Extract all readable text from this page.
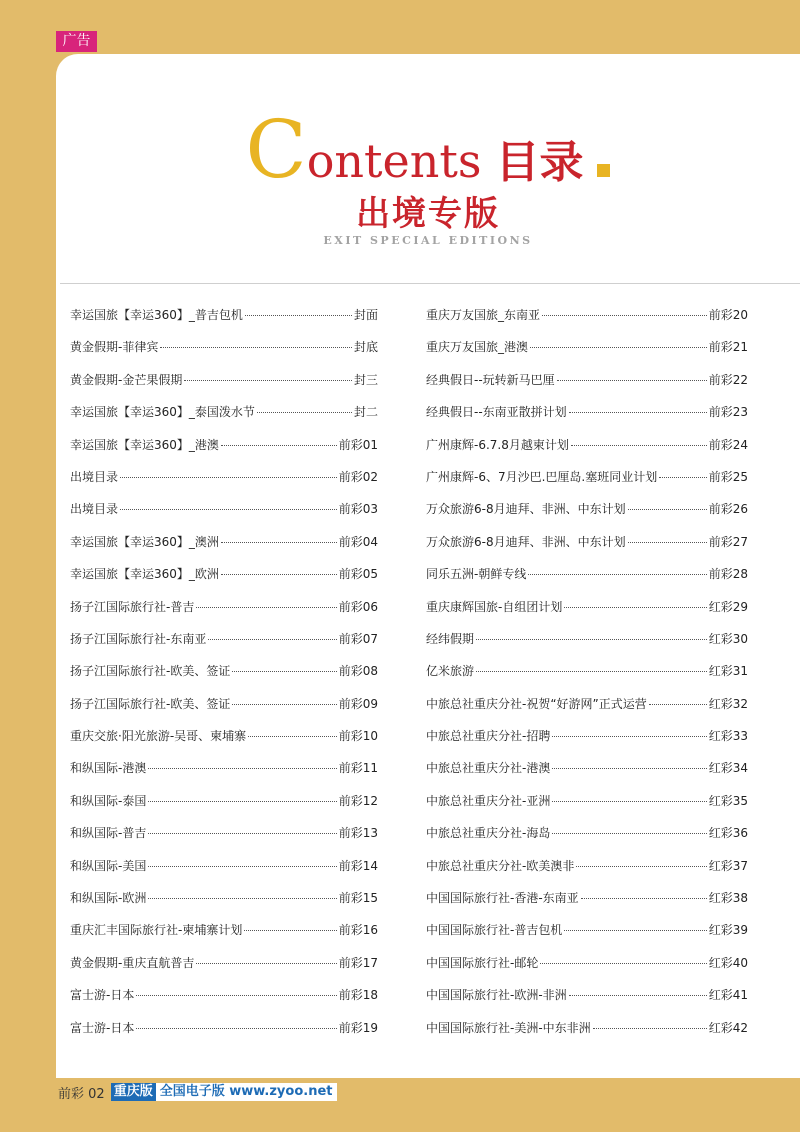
广告
Contents 目录
出境专版
EXIT SPECIAL EDITIONS
幸运国旅【幸运360】_普吉包机	封面
黄金假期-菲律宾	封底
黄金假期-金芒果假期	封三
幸运国旅【幸运360】_泰国泼水节	封二
幸运国旅【幸运360】_港澳	前彩01
出境目录	前彩02
出境目录	前彩03
幸运国旅【幸运360】_澳洲	前彩04
幸运国旅【幸运360】_欧洲	前彩05
扬子江国际旅行社-普吉	前彩06
扬子江国际旅行社-东南亚	前彩07
扬子江国际旅行社-欧美、签证	前彩08
扬子江国际旅行社-欧美、签证	前彩09
重庆交旅·阳光旅游-吴哥、柬埔寨	前彩10
和纵国际-港澳	前彩11
和纵国际-泰国	前彩12
和纵国际-普吉	前彩13
和纵国际-美国	前彩14
和纵国际-欧洲	前彩15
重庆汇丰国际旅行社-柬埔寨计划	前彩16
黄金假期-重庆直航普吉	前彩17
富士游-日本	前彩18
富士游-日本	前彩19
重庆万友国旅_东南亚	前彩20
重庆万友国旅_港澳	前彩21
经典假日--玩转新马巴厘	前彩22
经典假日--东南亚散拼计划	前彩23
广州康辉-6.7.8月越柬计划	前彩24
广州康辉-6、7月沙巴.巴厘岛.塞班同业计划	前彩25
万众旅游6-8月迪拜、非洲、中东计划	前彩26
万众旅游6-8月迪拜、非洲、中东计划	前彩27
同乐五洲-朝鲜专线	前彩28
重庆康辉国旅-自组团计划	红彩29
经纬假期	红彩30
亿米旅游	红彩31
中旅总社重庆分社-祝贺“好游网”正式运营	红彩32
中旅总社重庆分社-招聘	红彩33
中旅总社重庆分社-港澳	红彩34
中旅总社重庆分社-亚洲	红彩35
中旅总社重庆分社-海岛	红彩36
中旅总社重庆分社-欧美澳非	红彩37
中国国际旅行社-香港-东南亚	红彩38
中国国际旅行社-普吉包机	红彩39
中国国际旅行社-邮轮	红彩40
中国国际旅行社-欧洲-非洲	红彩41
中国国际旅行社-美洲-中东非洲	红彩42
前彩 02 重庆版 全国电子版 www.zyoo.net
